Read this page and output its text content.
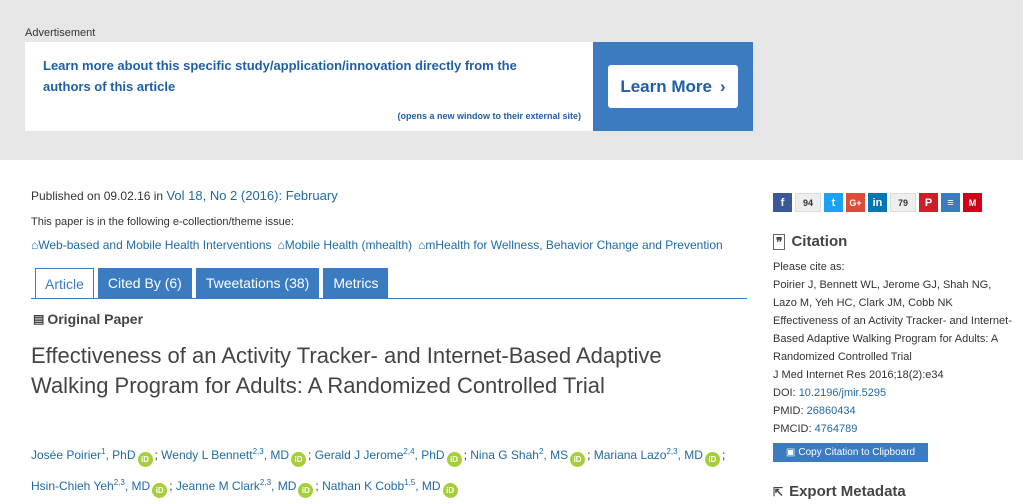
Advertisement
Learn more about this specific study/application/innovation directly from the authors of this article
(opens a new window to their external site)
Learn More ›
Published on 09.02.16 in Vol 18, No 2 (2016): February
This paper is in the following e-collection/theme issue:
⌂Web-based and Mobile Health Interventions ⌂Mobile Health (mhealth) ⌂mHealth for Wellness, Behavior Change and Prevention
Article	Cited By (6)	Tweetations (38)	Metrics
▤ Original Paper
Effectiveness of an Activity Tracker- and Internet-Based Adaptive Walking Program for Adults: A Randomized Controlled Trial
Josée Poirier$^1$, PhD iD ; Wendy L Bennett$^{2,3}$, MD iD ; Gerald J Jerome$^{2,4}$, PhD iD ; Nina G Shah$^2$, MS iD ; Mariana Lazo$^{2,3}$, MD iD ; Hsin-Chieh Yeh$^{2,3}$, MD iD ; Jeanne M Clark$^{2,3}$, MD iD ; Nathan K Cobb$^{1,5}$, MD iD
f	94	t	G+ in	79	P	≡	M
❞ Citation
Please cite as:
Poirier J, Bennett WL, Jerome GJ, Shah NG, Lazo M, Yeh HC, Clark JM, Cobb NK
Effectiveness of an Activity Tracker- and Internet-Based Adaptive Walking Program for Adults: A Randomized Controlled Trial
J Med Internet Res 2016;18(2):e34
DOI: 10.2196/jmir.5295
PMID: 26860434
PMCID: 4764789
▣ Copy Citation to Clipboard
⇱ Export Metadata
